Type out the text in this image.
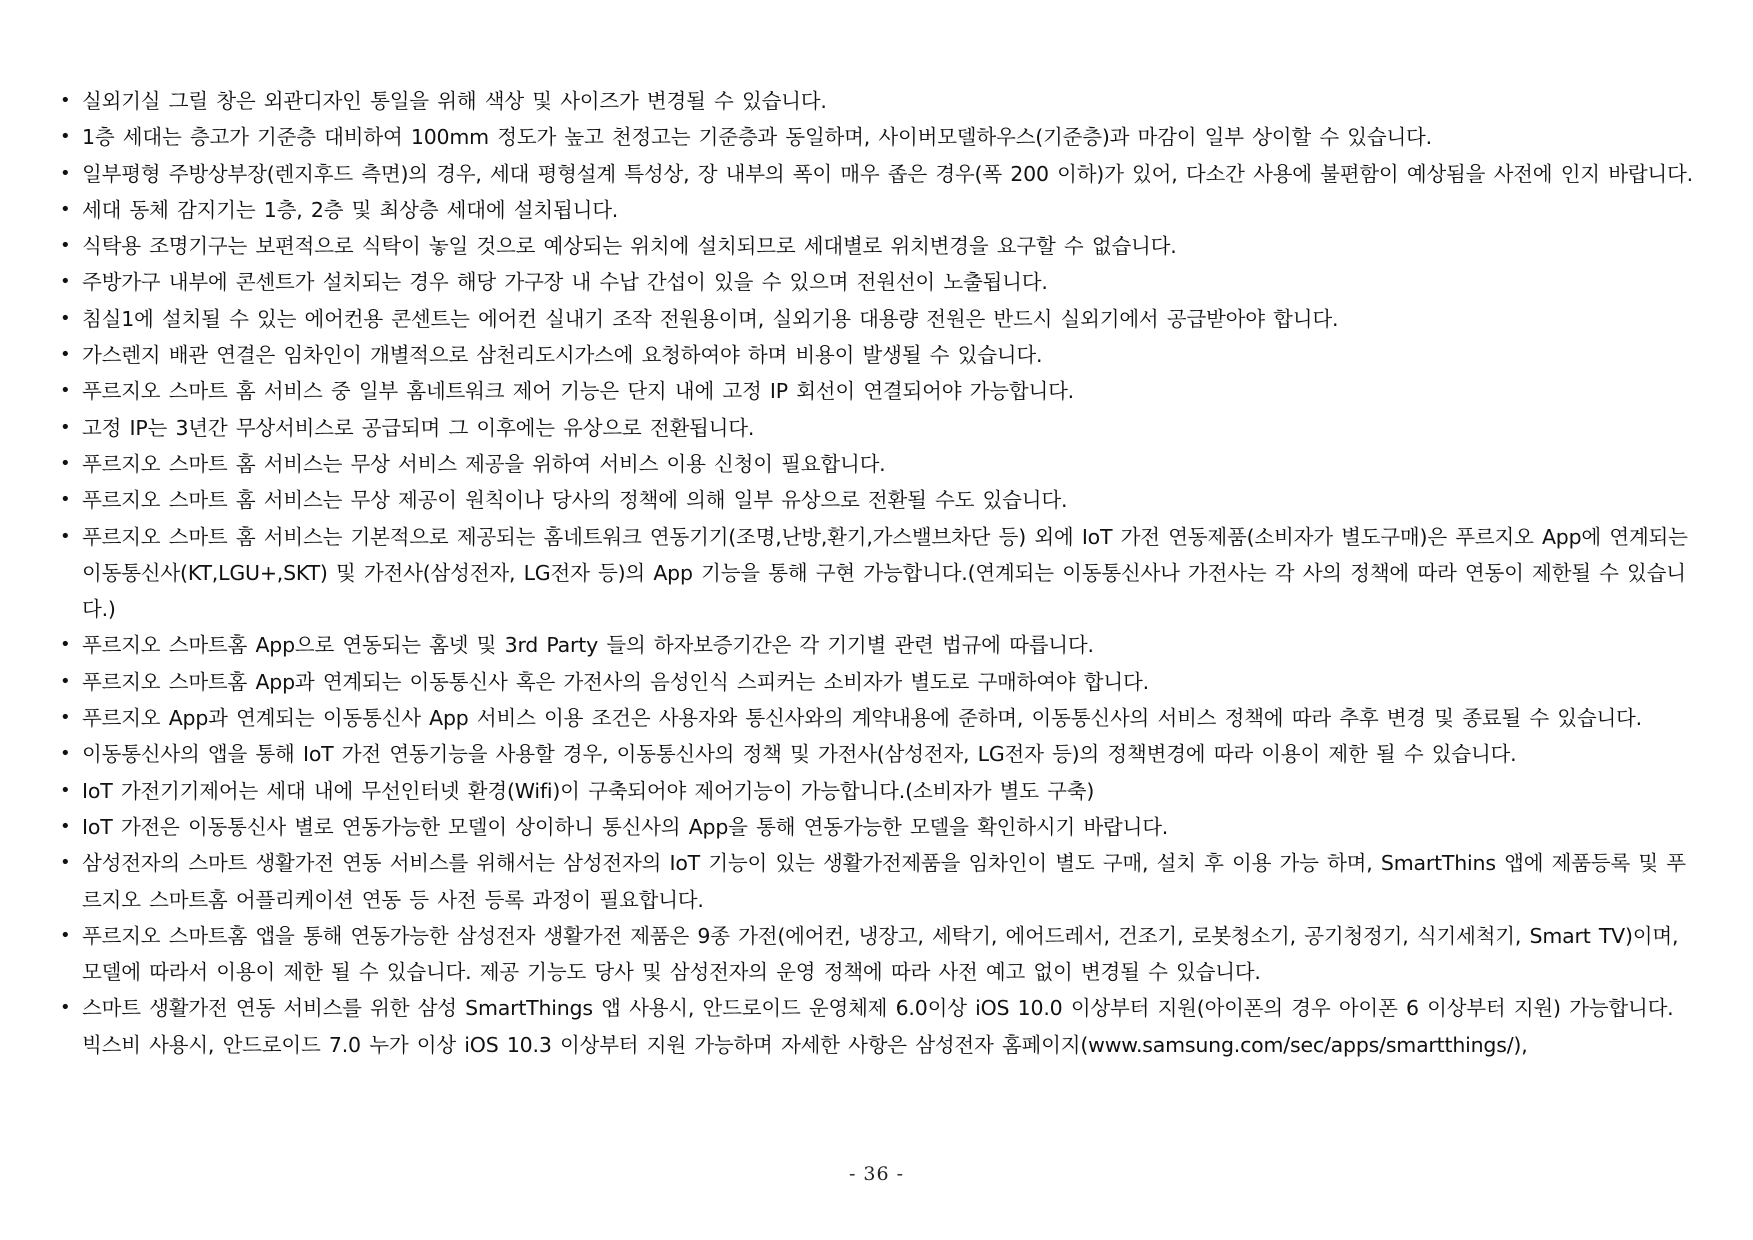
• 실외기실 그릴 창은 외관디자인 통일을 위해 색상 및 사이즈가 변경될 수 있습니다.
• 1층 세대는 층고가 기준층 대비하여 100mm 정도가 높고 천정고는 기준층과 동일하며, 사이버모델하우스(기준층)과 마감이 일부 상이할 수 있습니다.
• 일부평형 주방상부장(렌지후드 측면)의 경우, 세대 평형설계 특성상, 장 내부의 폭이 매우 좁은 경우(폭 200 이하)가 있어, 다소간 사용에 불편함이 예상됨을 사전에 인지 바랍니다.
• 세대 동체 감지기는 1층, 2층 및 최상층 세대에 설치됩니다.
• 식탁용 조명기구는 보편적으로 식탁이 놓일 것으로 예상되는 위치에 설치되므로 세대별로 위치변경을 요구할 수 없습니다.
• 주방가구 내부에 콘센트가 설치되는 경우 해당 가구장 내 수납 간섭이 있을 수 있으며 전원선이 노출됩니다.
• 침실1에 설치될 수 있는 에어컨용 콘센트는 에어컨 실내기 조작 전원용이며, 실외기용 대용량 전원은 반드시 실외기에서 공급받아야 합니다.
• 가스렌지 배관 연결은 임차인이 개별적으로 삼천리도시가스에 요청하여야 하며 비용이 발생될 수 있습니다.
• 푸르지오 스마트 홈 서비스 중 일부 홈네트워크 제어 기능은 단지 내에 고정 IP 회선이 연결되어야 가능합니다.
• 고정 IP는 3년간 무상서비스로 공급되며 그 이후에는 유상으로 전환됩니다.
• 푸르지오 스마트 홈 서비스는 무상 서비스 제공을 위하여 서비스 이용 신청이 필요합니다.
• 푸르지오 스마트 홈 서비스는 무상 제공이 원칙이나 당사의 정책에 의해 일부 유상으로 전환될 수도 있습니다.
• 푸르지오 스마트 홈 서비스는 기본적으로 제공되는 홈네트워크 연동기기(조명,난방,환기,가스밸브차단 등) 외에 IoT 가전 연동제품(소비자가 별도구매)은 푸르지오 App에 연계되는 이동통신사(KT,LGU+,SKT) 및 가전사(삼성전자, LG전자 등)의 App 기능을 통해 구현 가능합니다.(연계되는 이동통신사나 가전사는 각 사의 정책에 따라 연동이 제한될 수 있습니다.)
• 푸르지오 스마트홈 App으로 연동되는 홈넷 및 3rd Party 들의 하자보증기간은 각 기기별 관련 법규에 따릅니다.
• 푸르지오 스마트홈 App과 연계되는 이동통신사 혹은 가전사의 음성인식 스피커는 소비자가 별도로 구매하여야 합니다.
• 푸르지오 App과 연계되는 이동통신사 App 서비스 이용 조건은 사용자와 통신사와의 계약내용에 준하며, 이동통신사의 서비스 정책에 따라 추후 변경 및 종료될 수 있습니다.
• 이동통신사의 앱을 통해 IoT 가전 연동기능을 사용할 경우, 이동통신사의 정책 및 가전사(삼성전자, LG전자 등)의 정책변경에 따라 이용이 제한 될 수 있습니다.
• IoT 가전기기제어는 세대 내에 무선인터넷 환경(Wifi)이 구축되어야 제어기능이 가능합니다.(소비자가 별도 구축)
• IoT 가전은 이동통신사 별로 연동가능한 모델이 상이하니 통신사의 App을 통해 연동가능한 모델을 확인하시기 바랍니다.
• 삼성전자의 스마트 생활가전 연동 서비스를 위해서는 삼성전자의 IoT 기능이 있는 생활가전제품을 임차인이 별도 구매, 설치 후 이용 가능 하며, SmartThins 앱에 제품등록 및 푸르지오 스마트홈 어플리케이션 연동 등 사전 등록 과정이 필요합니다.
• 푸르지오 스마트홈 앱을 통해 연동가능한 삼성전자 생활가전 제품은 9종 가전(에어컨, 냉장고, 세탁기, 에어드레서, 건조기, 로봇청소기, 공기청정기, 식기세척기, Smart TV)이며, 모델에 따라서 이용이 제한 될 수 있습니다. 제공 기능도 당사 및 삼성전자의 운영 정책에 따라 사전 예고 없이 변경될 수 있습니다.
• 스마트 생활가전 연동 서비스를 위한 삼성 SmartThings 앱 사용시, 안드로이드 운영체제 6.0이상 iOS 10.0 이상부터 지원(아이폰의 경우 아이폰 6 이상부터 지원) 가능합니다. 빅스비 사용시, 안드로이드 7.0 누가 이상 iOS 10.3 이상부터 지원 가능하며 자세한 사항은 삼성전자 홈페이지(www.samsung.com/sec/apps/smartthings/),
- 36 -
